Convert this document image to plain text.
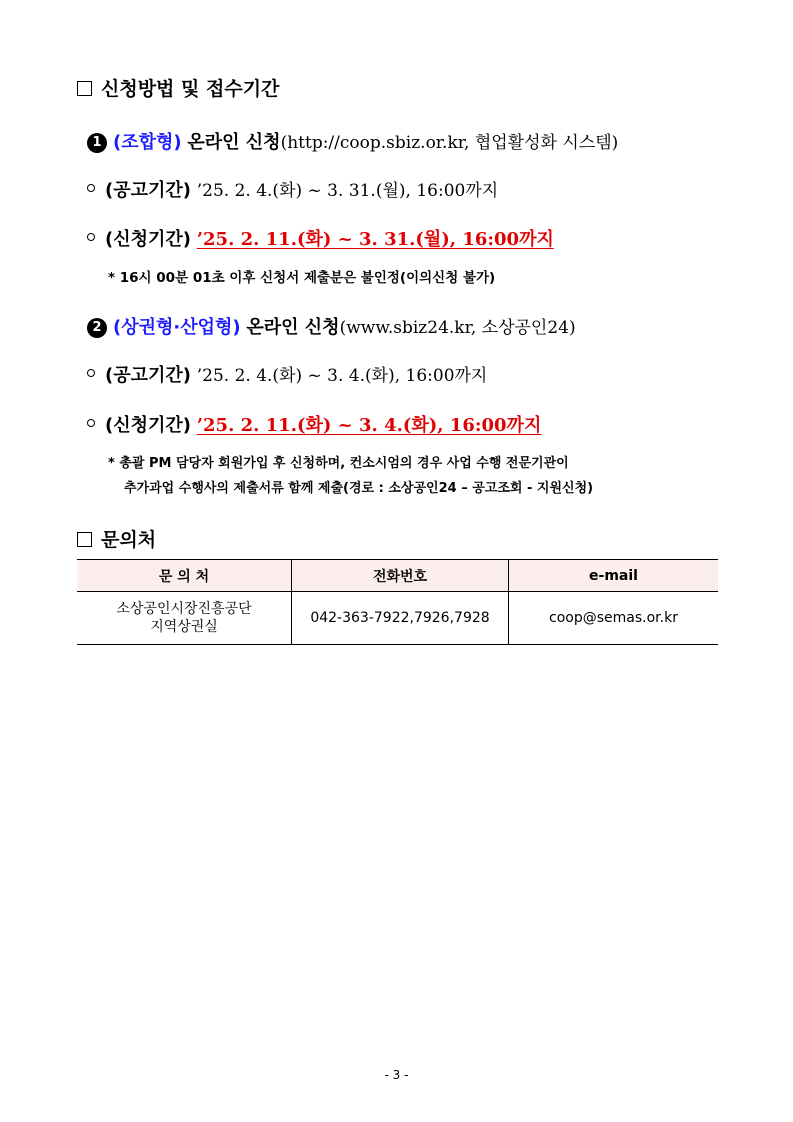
신청방법 및 접수기간
1 (조합형) 온라인 신청(http://coop.sbiz.or.kr, 협업활성화 시스템)
(공고기간) ’25. 2. 4.(화) ~ 3. 31.(월), 16:00까지
(신청기간) ’25. 2. 11.(화) ~ 3. 31.(월), 16:00까지
* 16시 00분 01초 이후 신청서 제출분은 불인정(이의신청 불가)
2 (상권형·산업형) 온라인 신청(www.sbiz24.kr, 소상공인24)
(공고기간) ’25. 2. 4.(화) ~ 3. 4.(화), 16:00까지
(신청기간) ’25. 2. 11.(화) ~ 3. 4.(화), 16:00까지
* 총괄 PM 담당자 회원가입 후 신청하며, 컨소시엄의 경우 사업 수행 전문기관이
추가과업 수행사의 제출서류 함께 제출(경로 : 소상공인24 – 공고조회 - 지원신청)
문의처
문 의 처	전화번호	e-mail

소상공인시장진흥공단
지역상권실	042-363-7922,7926,7928	coop@semas.or.kr
- 3 -
